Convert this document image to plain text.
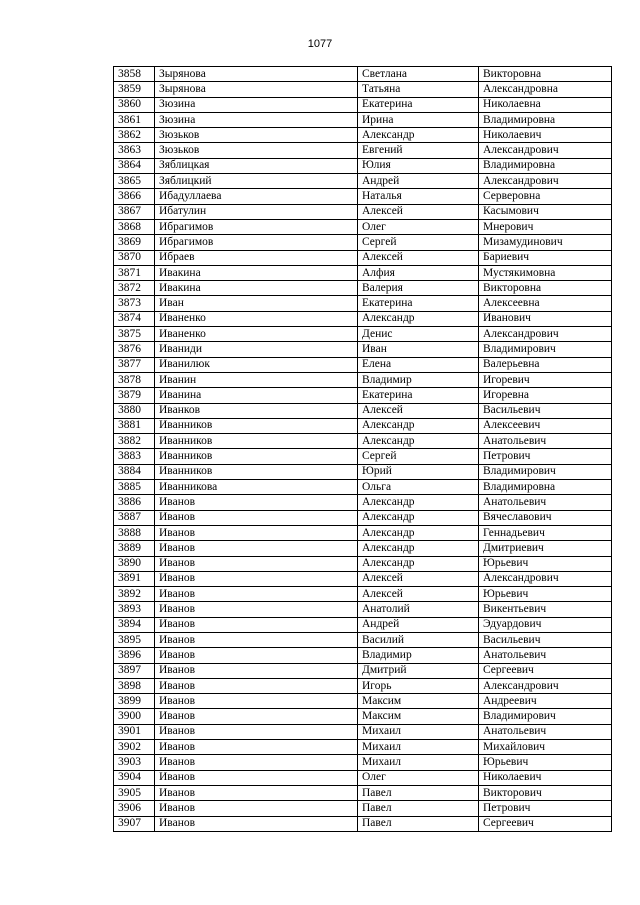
1077
3858	Зырянова	Светлана	Викторовна
3859	Зырянова	Татьяна	Александровна
3860	Зюзина	Екатерина	Николаевна
3861	Зюзина	Ирина	Владимировна
3862	Зюзьков	Александр	Николаевич
3863	Зюзьков	Евгений	Александрович
3864	Зяблицкая	Юлия	Владимировна
3865	Зяблицкий	Андрей	Александрович
3866	Ибадуллаева	Наталья	Серверовна
3867	Ибатулин	Алексей	Касымович
3868	Ибрагимов	Олег	Мнерович
3869	Ибрагимов	Сергей	Мизамудинович
3870	Ибраев	Алексей	Бариевич
3871	Ивакина	Алфия	Мустякимовна
3872	Ивакина	Валерия	Викторовна
3873	Иван	Екатерина	Алексеевна
3874	Иваненко	Александр	Иванович
3875	Иваненко	Денис	Александрович
3876	Иваниди	Иван	Владимирович
3877	Иванилюк	Елена	Валерьевна
3878	Иванин	Владимир	Игоревич
3879	Иванина	Екатерина	Игоревна
3880	Иванков	Алексей	Васильевич
3881	Иванников	Александр	Алексеевич
3882	Иванников	Александр	Анатольевич
3883	Иванников	Сергей	Петрович
3884	Иванников	Юрий	Владимирович
3885	Иванникова	Ольга	Владимировна
3886	Иванов	Александр	Анатольевич
3887	Иванов	Александр	Вячеславович
3888	Иванов	Александр	Геннадьевич
3889	Иванов	Александр	Дмитриевич
3890	Иванов	Александр	Юрьевич
3891	Иванов	Алексей	Александрович
3892	Иванов	Алексей	Юрьевич
3893	Иванов	Анатолий	Викентьевич
3894	Иванов	Андрей	Эдуардович
3895	Иванов	Василий	Васильевич
3896	Иванов	Владимир	Анатольевич
3897	Иванов	Дмитрий	Сергеевич
3898	Иванов	Игорь	Александрович
3899	Иванов	Максим	Андреевич
3900	Иванов	Максим	Владимирович
3901	Иванов	Михаил	Анатольевич
3902	Иванов	Михаил	Михайлович
3903	Иванов	Михаил	Юрьевич
3904	Иванов	Олег	Николаевич
3905	Иванов	Павел	Викторович
3906	Иванов	Павел	Петрович
3907	Иванов	Павел	Сергеевич
